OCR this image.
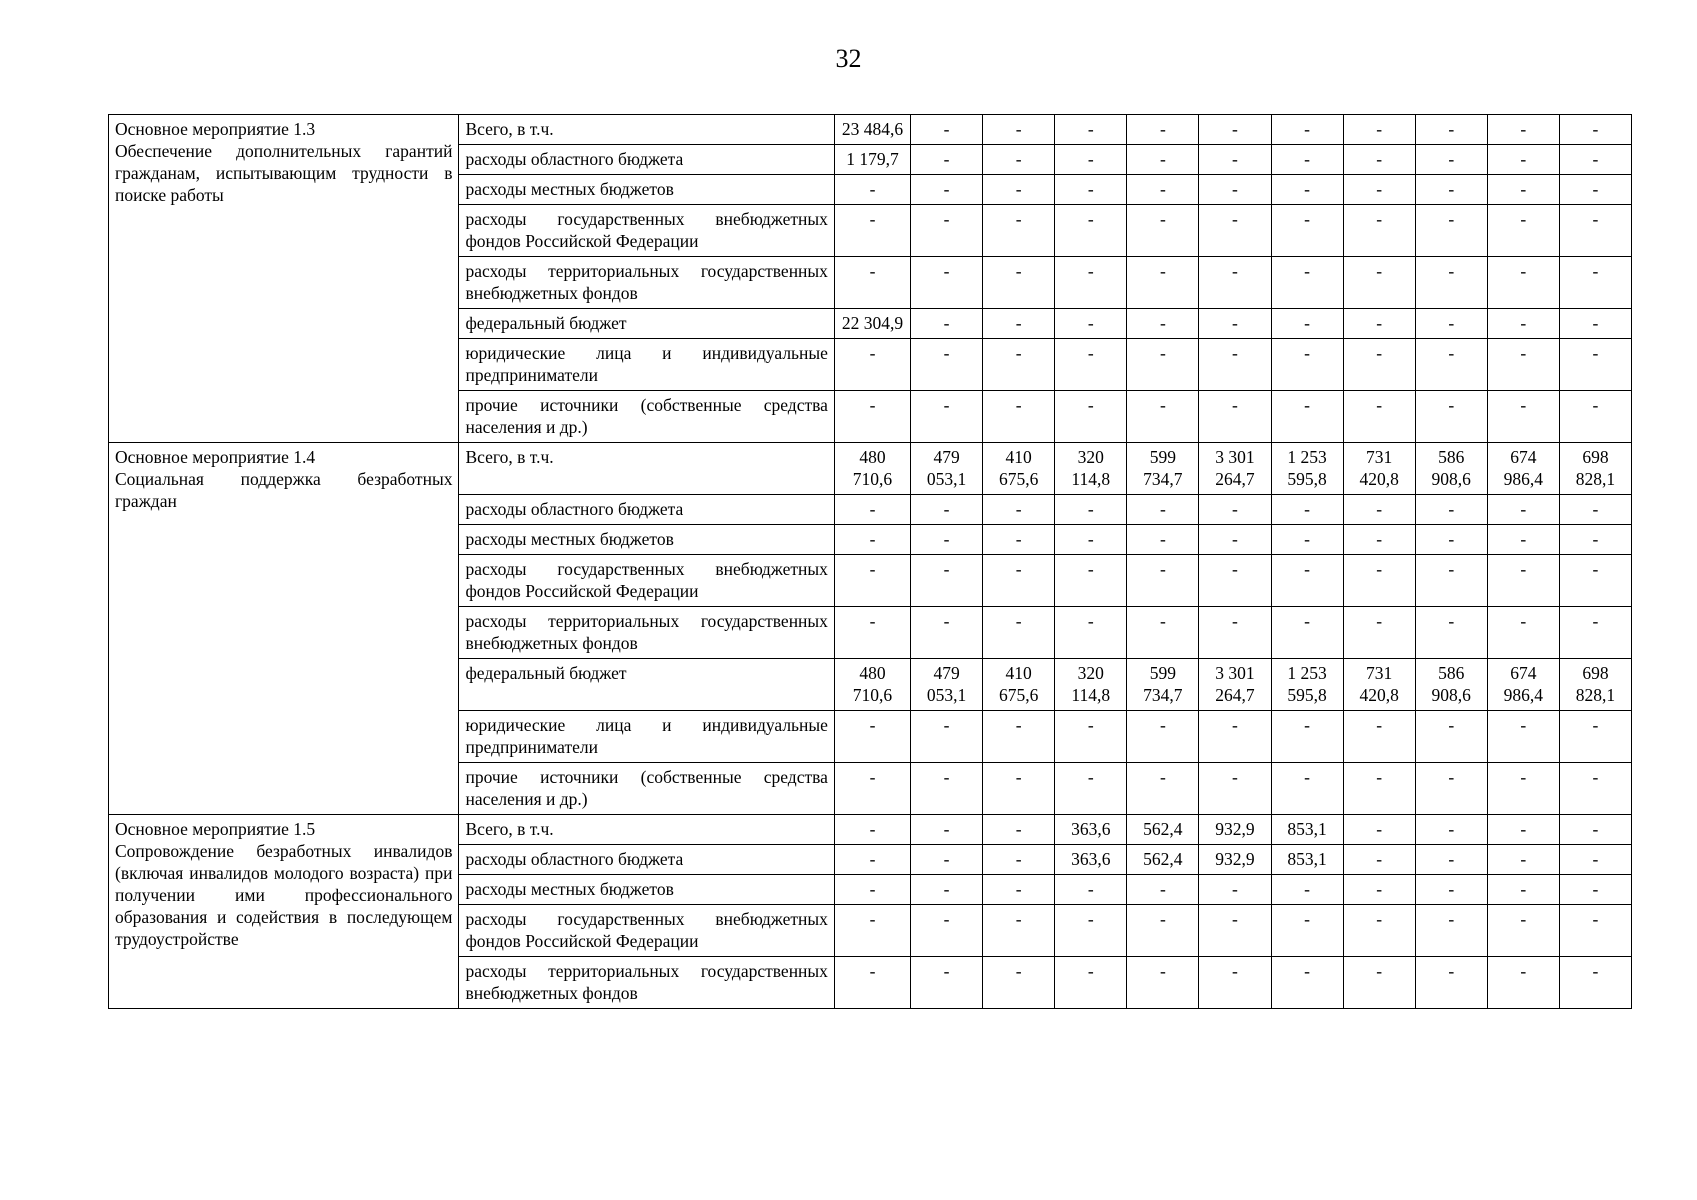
32
Основное мероприятие 1.3
Обеспечение дополнительных гарантий гражданам, испытывающим трудности в поиске работы	Всего, в т.ч.	23 484,6	-	-	-	-	-	-	-	-	-	-
	расходы областного бюджета	1 179,7	-	-	-	-	-	-	-	-	-	-
	расходы местных бюджетов	-	-	-	-	-	-	-	-	-	-	-
	расходы государственных внебюджетных фондов Российской Федерации	-	-	-	-	-	-	-	-	-	-	-
	расходы территориальных государственных внебюджетных фондов	-	-	-	-	-	-	-	-	-	-	-
	федеральный бюджет	22 304,9	-	-	-	-	-	-	-	-	-	-
	юридические лица и индивидуальные предприниматели	-	-	-	-	-	-	-	-	-	-	-
	прочие источники (собственные средства населения и др.)	-	-	-	-	-	-	-	-	-	-	-

Основное мероприятие 1.4
Социальная поддержка безработных граждан	Всего, в т.ч.	480 710,6	479 053,1	410 675,6	320 114,8	599 734,7	3 301 264,7	1 253 595,8	731 420,8	586 908,6	674 986,4	698 828,1
	расходы областного бюджета	-	-	-	-	-	-	-	-	-	-	-
	расходы местных бюджетов	-	-	-	-	-	-	-	-	-	-	-
	расходы государственных внебюджетных фондов Российской Федерации	-	-	-	-	-	-	-	-	-	-	-
	расходы территориальных государственных внебюджетных фондов	-	-	-	-	-	-	-	-	-	-	-
	федеральный бюджет	480 710,6	479 053,1	410 675,6	320 114,8	599 734,7	3 301 264,7	1 253 595,8	731 420,8	586 908,6	674 986,4	698 828,1
	юридические лица и индивидуальные предприниматели	-	-	-	-	-	-	-	-	-	-	-
	прочие источники (собственные средства населения и др.)	-	-	-	-	-	-	-	-	-	-	-

Основное мероприятие 1.5
Сопровождение безработных инвалидов (включая инвалидов молодого возраста) при получении ими профессионального образования и содействия в последующем трудоустройстве	Всего, в т.ч.	-	-	-	363,6	562,4	932,9	853,1	-	-	-	-
	расходы областного бюджета	-	-	-	363,6	562,4	932,9	853,1	-	-	-	-
	расходы местных бюджетов	-	-	-	-	-	-	-	-	-	-	-
	расходы государственных внебюджетных фондов Российской Федерации	-	-	-	-	-	-	-	-	-	-	-
	расходы территориальных государственных внебюджетных фондов	-	-	-	-	-	-	-	-	-	-	-
